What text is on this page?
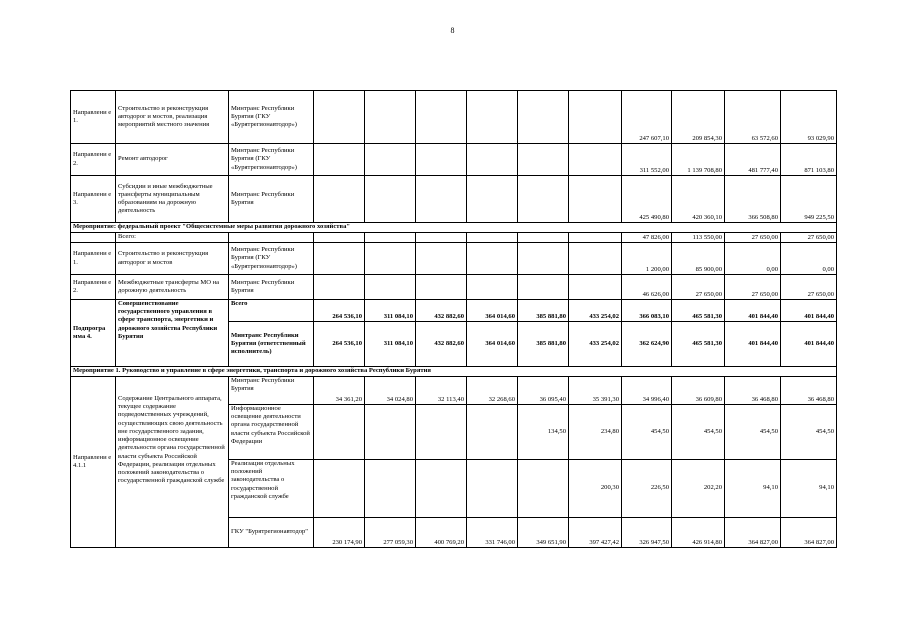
8
Направлени е 1.	Строительство и реконструкция автодорог и мостов, реализация мероприятий местного значения	Минтранс Республики Бурятия (ГКУ «Бурятрегионавтодор»)							247 607,10	209 854,30	63 572,60	93 029,90
Направлени е 2.	Ремонт автодорог	Минтранс Республики Бурятия (ГКУ «Бурятрегионавтодор»)							311 552,00	1 139 708,80	481 777,40	871 103,80
Направлени е 3.	Субсидии и иные межбюджетные трансферты муниципальным образованиям на дорожную деятельность	Минтранс Республики Бурятия							425 490,80	420 360,10	366 508,80	949 225,50
Мероприятие: федеральный проект "Общесистемные меры развития дорожного хозяйства"												
	Всего:								47 826,00	113 550,00	27 650,00	27 650,00
Направлени е 1.	Строительство и реконструкция автодорог и мостов	Минтранс Республики Бурятия (ГКУ «Бурятрегионавтодор»)							1 200,00	85 900,00	0,00	0,00
Направлени е 2.	Межбюджетные трансферты МО на дорожную деятельность	Минтранс Республики Бурятия							46 626,00	27 650,00	27 650,00	27 650,00
Подпрогра мма 4.	Совершенствование государственного управления в сфере транспорта, энергетики и дорожного хозяйства Республики Бурятия	Всего	264 536,10	311 084,10	432 882,60	364 014,60	385 881,80	433 254,02	366 083,10	465 581,30	401 844,40	401 844,40
		Минтранс Республики Бурятия (ответственный исполнитель)	264 536,10	311 084,10	432 882,60	364 014,60	385 881,80	433 254,02	362 624,90	465 581,30	401 844,40	401 844,40
Мероприятие 1. Руководство и управление в сфере энергетики, транспорта и дорожного хозяйства Республики Бурятия												
Направлени е 4.1.1	Содержание Центрального аппарата, текущее содержание подведомственных учреждений, осуществляющих свою деятельность вне государственного задания, информационное освещение деятельности органа государственной власти субъекта Российской Федерации, реализация отдельных положений законодательства о государственной гражданской службе	Минтранс Республики Бурятия	34 361,20	34 024,80	32 113,40	32 268,60	36 095,40	35 391,30	34 996,40	36 609,80	36 468,80	36 468,80
		Информационное освещение деятельности органа государственной власти субъекта Российской Федерации					134,50	234,80	454,50	454,50	454,50	454,50
		Реализация отдельных положений законодательства о государственной гражданской службе						200,30	226,50	202,20	94,10	94,10
		ГКУ "Бурятрегионавтодор"	230 174,90	277 059,30	400 769,20	331 746,00	349 651,90	397 427,42	326 947,50	426 914,80	364 827,00	364 827,00
